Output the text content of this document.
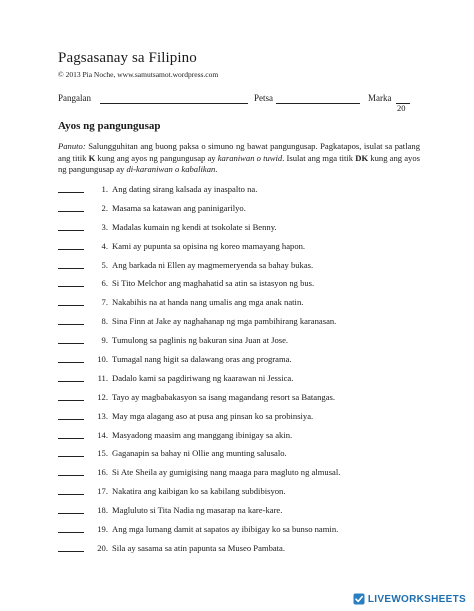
Pagsasanay sa Filipino
© 2013 Pia Noche, www.samutsamot.wordpress.com
Pangalan	Petsa	Marka
20
Ayos ng pangungusap
Panuto: Salungguhitan ang buong paksa o simuno ng bawat pangungusap. Pagkatapos, isulat sa patlang ang titik K kung ang ayos ng pangungusap ay karaniwan o tuwid. Isulat ang mga titik DK kung ang ayos ng pangungusap ay di-karaniwan o kabalikan.
1. Ang dating sirang kalsada ay inaspalto na.
2. Masama sa katawan ang paninigarilyo.
3. Madalas kumain ng kendi at tsokolate si Benny.
4. Kami ay pupunta sa opisina ng koreo mamayang hapon.
5. Ang barkada ni Ellen ay magmemeryenda sa bahay bukas.
6. Si Tito Melchor ang maghahatid sa atin sa istasyon ng bus.
7. Nakabihis na at handa nang umalis ang mga anak natin.
8. Sina Finn at Jake ay naghahanap ng mga pambihirang karanasan.
9. Tumulong sa paglinis ng bakuran sina Juan at Jose.
10. Tumagal nang higit sa dalawang oras ang programa.
11. Dadalo kami sa pagdiriwang ng kaarawan ni Jessica.
12. Tayo ay magbabakasyon sa isang magandang resort sa Batangas.
13. May mga alagang aso at pusa ang pinsan ko sa probinsiya.
14. Masyadong maasim ang manggang ibinigay sa akin.
15. Gaganapin sa bahay ni Ollie ang munting salusalo.
16. Si Ate Sheila ay gumigising nang maaga para magluto ng almusal.
17. Nakatira ang kaibigan ko sa kabilang subdibisyon.
18. Magluluto si Tita Nadia ng masarap na kare-kare.
19. Ang mga lumang damit at sapatos ay ibibigay ko sa bunso namin.
20. Sila ay sasama sa atin papunta sa Museo Pambata.
LIVEWORKSHEETS
